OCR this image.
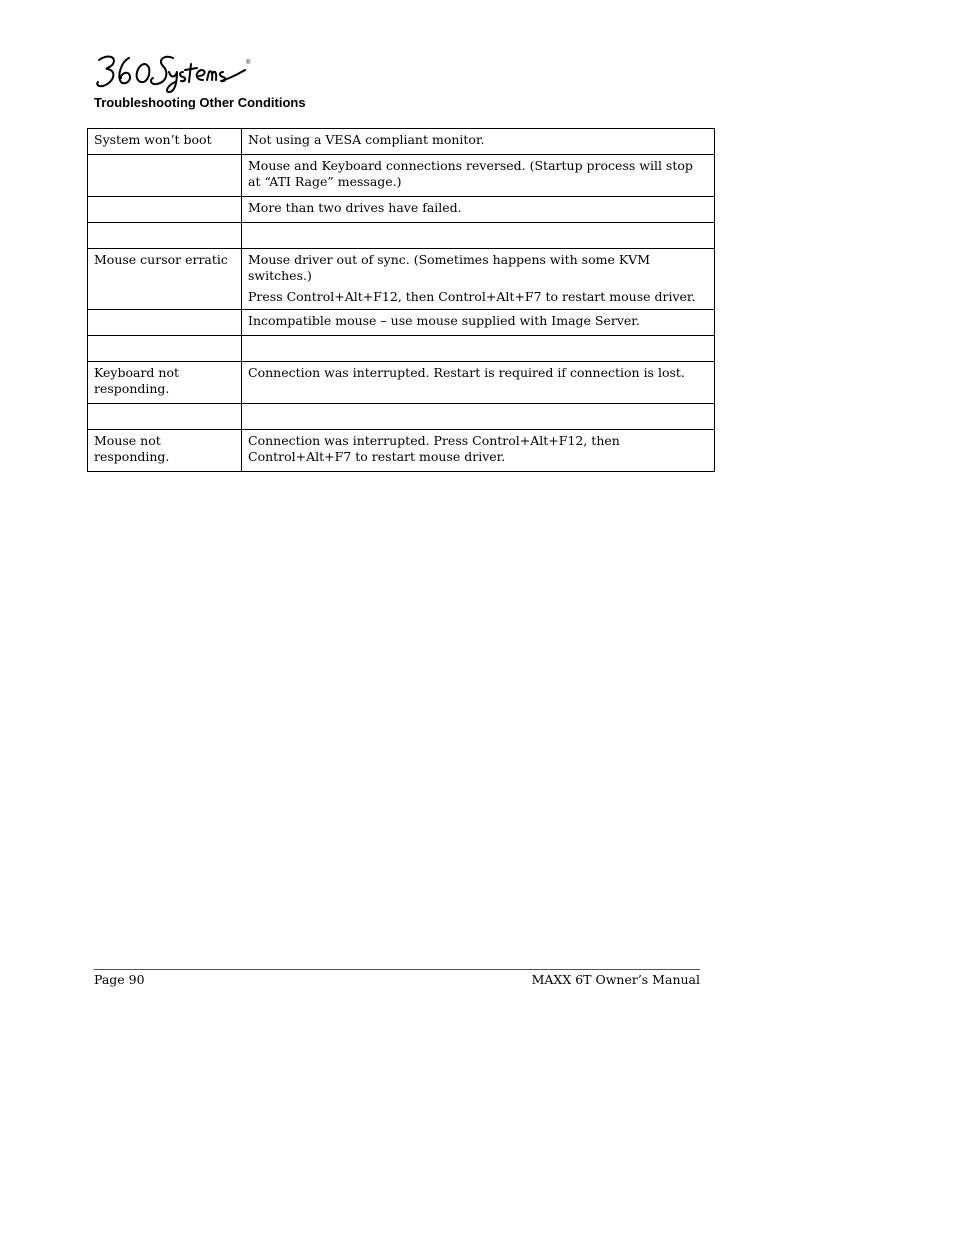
®
Troubleshooting Other Conditions
System won’t boot	Not using a VESA compliant monitor.
	Mouse and Keyboard connections reversed. (Startup process will stop at “ATI Rage” message.)
	More than two drives have failed.

Mouse cursor erratic	Mouse driver out of sync. (Sometimes happens with some KVM switches.)
Press Control+Alt+F12, then Control+Alt+F7 to restart mouse driver.

	Incompatible mouse – use mouse supplied with Image Server.

Keyboard not responding.	Connection was interrupted. Restart is required if connection is lost.

Mouse not responding.	Connection was interrupted. Press Control+Alt+F12, then Control+Alt+F7 to restart mouse driver.
Page 90	MAXX 6T Owner’s Manual
